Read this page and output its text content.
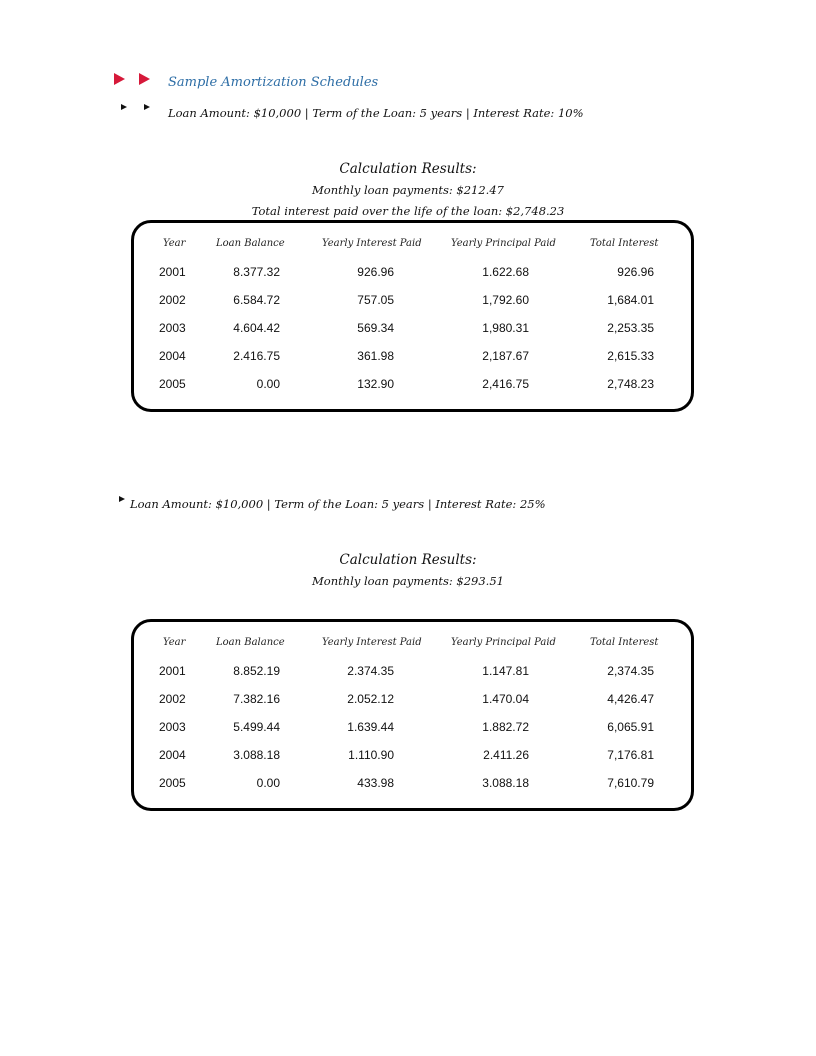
Sample Amortization Schedules
Loan Amount: $10,000 | Term of the Loan: 5 years | Interest Rate: 10%
Calculation Results:
Monthly loan payments: $212.47
Total interest paid over the life of the loan: $2,748.23
Year	Loan Balance	Yearly Interest Paid	Yearly Principal Paid	Total Interest
2001	8.377.32	926.96	1.622.68	926.96
2002	6.584.72	757.05	1,792.60	1,684.01
2003	4.604.42	569.34	1,980.31	2,253.35
2004	2.416.75	361.98	2,187.67	2,615.33
2005	0.00	132.90	2,416.75	2,748.23
Loan Amount: $10,000 | Term of the Loan: 5 years | Interest Rate: 25%
Calculation Results:
Monthly loan payments: $293.51
Year	Loan Balance	Yearly Interest Paid	Yearly Principal Paid	Total Interest
2001	8.852.19	2.374.35	1.147.81	2,374.35
2002	7.382.16	2.052.12	1.470.04	4,426.47
2003	5.499.44	1.639.44	1.882.72	6,065.91
2004	3.088.18	1.110.90	2.411.26	7,176.81
2005	0.00	433.98	3.088.18	7,610.79
